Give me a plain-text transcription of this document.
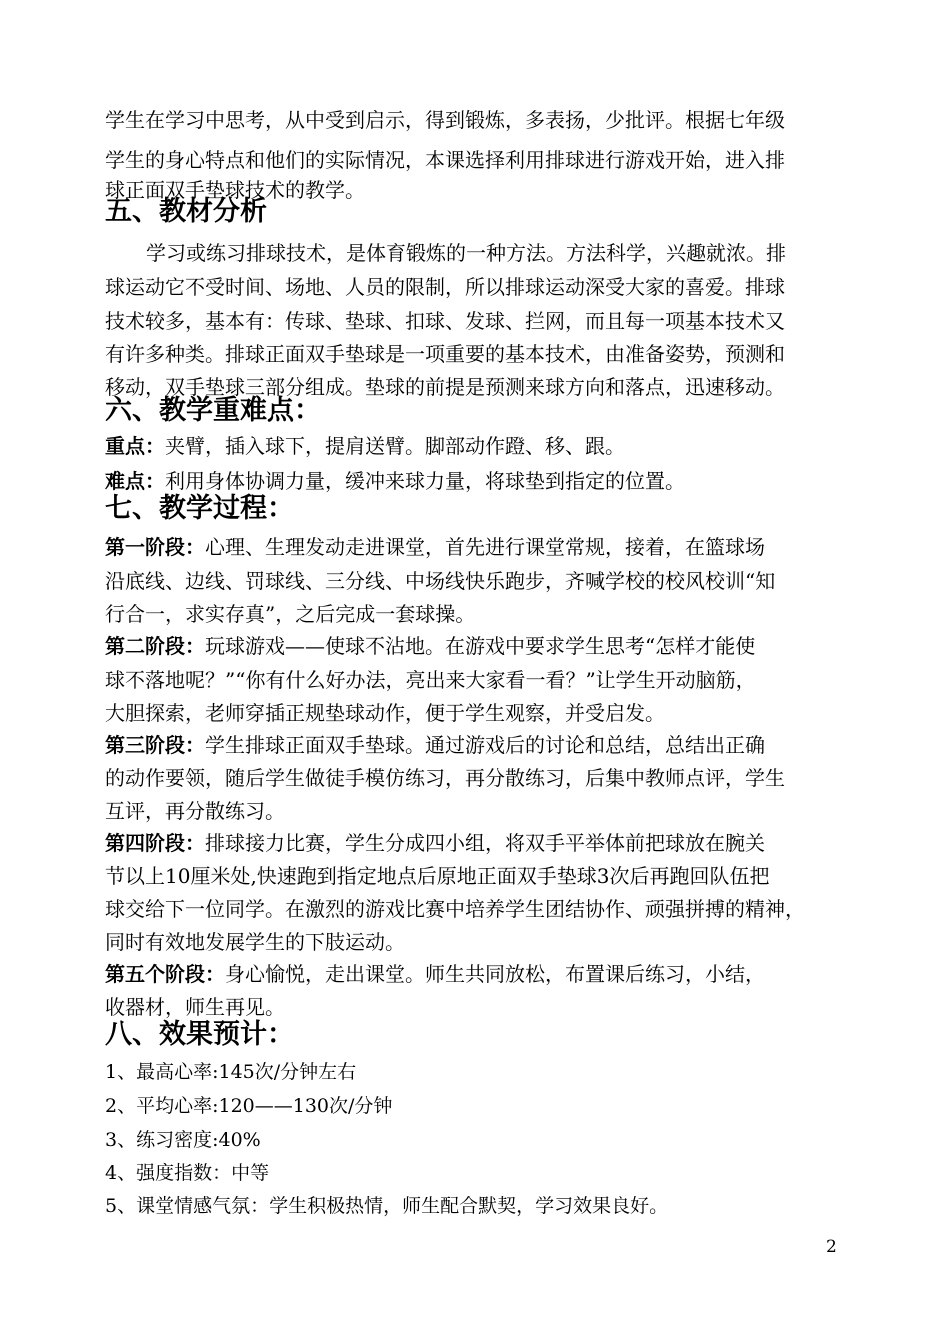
学生在学习中思考，从中受到启示，得到锻炼，多表扬，少批评。根据七年级
学生的身心特点和他们的实际情况，本课选择利用排球进行游戏开始，进入排
球正面双手垫球技术的教学。
五、教材分析
学习或练习排球技术，是体育锻炼的一种方法。方法科学，兴趣就浓。排
球运动它不受时间、场地、人员的限制，所以排球运动深受大家的喜爱。排球
技术较多，基本有：传球、垫球、扣球、发球、拦网，而且每一项基本技术又
有许多种类。排球正面双手垫球是一项重要的基本技术，由准备姿势，预测和
移动，双手垫球三部分组成。垫球的前提是预测来球方向和落点，迅速移动。
六、教学重难点：
重点：夹臂，插入球下，提肩送臂。脚部动作蹬、移、跟。
难点：利用身体协调力量，缓冲来球力量，将球垫到指定的位置。
七、教学过程：
第一阶段：心理、生理发动走进课堂，首先进行课堂常规，接着，在篮球场
沿底线、边线、罚球线、三分线、中场线快乐跑步，齐喊学校的校风校训“知
行合一，求实存真”，之后完成一套球操。
第二阶段：玩球游戏——使球不沾地。在游戏中要求学生思考“怎样才能使
球不落地呢？”“你有什么好办法，亮出来大家看一看？”让学生开动脑筋，
大胆探索，老师穿插正规垫球动作，便于学生观察，并受启发。
第三阶段：学生排球正面双手垫球。通过游戏后的讨论和总结，总结出正确
的动作要领，随后学生做徒手模仿练习，再分散练习，后集中教师点评，学生
互评，再分散练习。
第四阶段：排球接力比赛，学生分成四小组，将双手平举体前把球放在腕关
节以上10厘米处,快速跑到指定地点后原地正面双手垫球3次后再跑回队伍把
球交给下一位同学。在激烈的游戏比赛中培养学生团结协作、顽强拼搏的精神，
同时有效地发展学生的下肢运动。
第五个阶段：身心愉悦，走出课堂。师生共同放松，布置课后练习，小结，
收器材，师生再见。
八、效果预计：
1、最高心率:145次/分钟左右
2、平均心率:120——130次/分钟
3、练习密度:40%
4、强度指数：中等
5、课堂情感气氛：学生积极热情，师生配合默契，学习效果良好。
2
